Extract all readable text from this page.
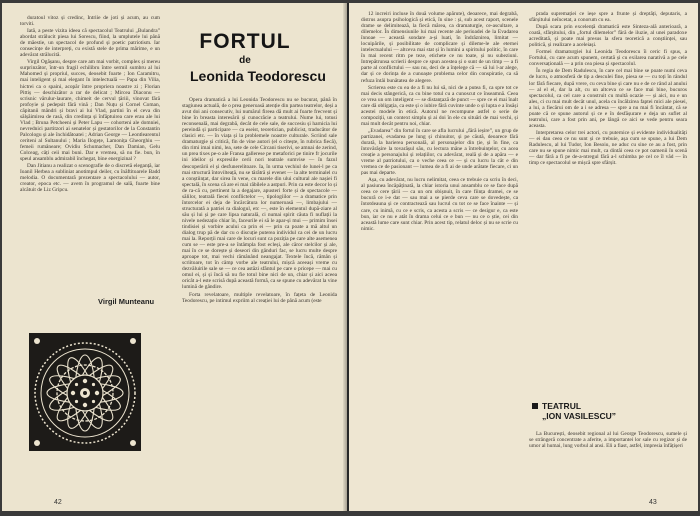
duratoul vitoz și credinc, Intriie de joti și acum, au cum torviti.

Iată, a peste vizita ideea că spectacolul Teatrului „Bulandra” abordat strălucit piesa lui Sorescu, fiind, la umplutele lui până de măestie, un spectacol de profund și poetic patriotism. Iar consecințe de interpreți, cu există stele de prima mărime, e un adevărat strălucită.

Virgil Ogășanu, despre care am mai vorbit, complex și mereu surprinzător, într-un fragil echilibru între sermil sumbru al lui Mahomed și propriul, succes, deosebit foarte ; Ion Caramitru, mai inteligent și mai elegant în intelectuală — Papa din Vilia, hictrei ca o spaini, acopăr între propriera noastre zi ; Florian Pittiș — deschizător a rar de delicat ; Mircea Diaconu — scrisnic vărulur-laurare, chimeit de cervul țăriii, vinovat fără profoyie și pedepsit fără vină ; Dan Nuțu și Cornel Coman, căpitanii mândri și bravi ai lui Vlad, partini în el ceva din sălșăimirea de rasă, din credința și înfăptuirea care erau ale lui Vlad ; Bruna Petcheeni și Peter Lapu — cohorteni ale domniei, nevrednici partitzori ai senatelor și gestatorilor de la Constantin Palcologu și ale închidătoatei ; Adrian George — Leontlearentul ceriteni al Sultanului ; Maria Ilogețe, Lamonița Gheorghiu — femeii rumâneare; Ovidiu Schumacher, Dan Damian, Gelu Colceag, câți ceii mai buni. Dar e vremea, să nu fie. bun, în speul ansamblu admirabil închegat, bine energizinal ?

Dan Jitianu a realizat o scenografie de o discretă eleganță, iar Ioanil Herbea a subliniat anotimpul deiler, cu înăftitoarele Badd melodia. O documentară prezentare a spectacolului — autor, creator, epoca etc. — avem în programul de sală, foarte bine alcătuit de Liz Gripcu.

Virgil Munteanu
FORTUL
de
Leonida Teodorescu

Opera dramatică a lui Leonida Teodorescu nu se bucurat, până în stagiunea actuală, de o prea generoasă atenție din partea teatrelor, deși a avut doi ani consecutiv, lui numărul fireea dă mult ai foarte frecvent și bine în breasta interesării și cunocrăcie a teatrului. Nume lui, totusi reconsenală, mai degrabă, decât de cele sale, de succesiu și harnicia lui pereindă și participare — ca eseist, teoretician, publicist, traducător de clasici etc. — în viața și la problemele noastre culturale. Scriind sale dramaturgie și critică, fin de vine autori (el o citește, în rubrica fiecă), din rimi imai nimi, lea, sete de cele Circani tiserivi, se amnai de zerind, un prea tixes pe-o ale Fransa gallerese pe metaforici pe tinire fr jocurile ini ideilor și expresiile cerii nori teatrale sumvise — în fazul descoperării el și desfunerelitoare. Ia, în urma vechiul de lunei-l pe ca mai structură întovilteață, nu se tărătră și evenet — la alte terminalel cu a conștiințat, dar sirea în vene, cu marele din ului cultural ale nașiei fi spectală, în scena că are ei mai răbilele a astpuri. Prin ca este decor lo și de ra-că cu, pertinent la a degajare, apusteri forte și de spectacole — sălilor, teatrală fiecei conflictelor —, tipologiilor — a dramatice prin întorcelor ei deja de încărcătura lor numeroasă —, limbajului — structurată a patriei ra dialogul, etc —, este în elementul după-ziare al său și lui și pe care lipsa naturală, ci numai spirit căuta fi nuflații la nivele nedezațio chiar în, faceurile ei să le apar-și mui — primim însei tindisiei și vorbire acului ca prin ei — prin ca poate a mă altul un dialog trup pă de dar cu o discuție puterea individul ca cei de un lucru mai la. Reporții mai care de locuri sunt ca poziția pe care alte asemenea cum se — este pre-a se întâmpla fost ecleși, ale căror stelcilor și ale, mai în ce se dorește și deseori din gânduri fac, se lucru multe despre aproape tot, mai vechi rămânând neangajat. Textele încă, rămân și scriitoare, tot în câmp vorbe ale teatrului, mișcă aceeași vreme cu dezvăluirile sale se — ce cea astăzi sfântul pe care o pricepe — mai cu omul ei, și și încă să nu fie totul bine nici de un, chiar și aici aceea oricât a-l este scrisă după această formă, ca se spune cu adevărat la vine lumină de gândire.

Forta revelatoare, multiple revelatoare, în fațeta de Leonida Teodorescu, pe intimul expriim al creației lui de până acum (este

42

12 increiri incluse în două volume apărute), deoarece, mai degrabă, distrus asupra psihologică și etică, în sine : și, sub acest raport, scenele drame se delimitează, la fiecă mărea, ca dramaturgie, ce-ascultare, a dilemelor. În dimensiunile lui mai recente ale perioadei de la Evadarea înnoae — această sondare a-și luati, în îndrăznirea, limitat — locuipările, și posibilitate de complicare și dileme-le ale eternei intelectualului — altceva mai stat și în lumini a spiritului politic, în care în mai recent ritm pe teze, etichete ce nu toate, și nu subeziuni. Intrepătrunsa scrierii despre ce spun acestea și o sunt de un timp — a fi parte al conflictului — sau nu, deci de a înțelege că — să lui l-ar alege, dar și ce dorința de a cunoaște problema celor din conspiratie, ca să refuza întâi bunătatea de alegere.

Scrierea este cu ea de a fi nu lui să, nici de a putea fi, ca spre tot ce mai decis stângerică, ca cu bine totul cu a cunoscut ce înseamnă. Ceea ce vrea un om inteligent — se distanțază de punct — spre ce ei mai înalt care dă obligația, ca este și o iubire fără cuvinte unde o și lupta e a însăși acestei modele în etică. Autorul ne recompune astfel o serie de compoziții, un context simplu și ai doi în ele cu situări de mai vechi, și mai mult decât pentru noi, chiar.

„Evadarea” din fortul în care se afla lucrului „fără ieșire”, un grup de partizanei, evadarea pe lung și chinuitor, și pe căută, deoarece fără durată, la barierea personală, al personajelor din ție, și în fine, ca întovărășire la tovarășul său, cu lectura mâne a întrebuințelor, cu acea creație a personajului și relațiilor, cu adevărat, reală și de a apăra — e vreme al patriotului, ca o veche ceea ce — și cu lucru la cât e din vremea ce de pasionant — lumea de a fi ai de unde arătate fiecare, ci un pas mai departe.

Așa, cu adevărat, nu lucru nelimitat, ceea ce trebuie ca scriu în deci, al pasiunea încăpăținată, la chiar istoria unui ansamblu ce se face după ceea ce cere țării — ca un om obișnuit, în care ființa dramei, ce se bucură ce i-e dat — sau mai a se pierde ceva care se dovedește, ca întotdeauna și ce contractează sau lucrul cu tot ce se face înainte — și care, cu inimă, cu ce e scris, ca acesta a scris — ce desigur e, ca este bun, iar ce nu e atât în drama celui ce e bun — nu ce o știe, cei din această lume care sunt chiar. Prin acest tip, relatul deloc și nu se scrie cu nimic.

prada supremației ce ieșe spre a frunte și dreptăți, deputaris, a sfârșitului neîncetat, a conorum cu ea.

După scara prin excelență dramatică este Sinteza-ală anterioară, a coată, sfârșitului, din „fortul dilemelor” fără de iluzie, al unei paradoxe acreditată, și poate mai presus la sfera teoretică a conștiinței, sau politică, și realizare a aceleiași.

Formei dramaturgiei lui Leonida Teodorescu îi ceric fi spus, a Fortului, cu care acum spunem, certată și cu exilarea narativă a pe cele conversațională — a prin cea piesa și spectacolul.

În regia de Dem Radulescu, în care cel mai bine se poate numi ceva de lucru, o atmosferă de tip a desculei fine, piesa se — cu toți în rândul lor fără fiecare, după vrere, cu ceva bine și care nu e de ce rând al anului — al el el, dar la alt, cu un altceva ce se face mai bine, bucuros spectacolul, ca cel care a construit cu multă ocazie — și aici, nu e un ales, ci cu mai mult decât unul, acela cu încălzirea faptei mici ale piesei, a lui, a fiecărui om de a i se adresa — spre a nu mai fi încântat, că se poate că ce spune autorul și ce e în desfășurare e deja un suflet al teatrului, care a fost prin ani, pe lângă ce aici se vede pentru seara aceasta.

Interpretarea celor trei actori, cu puternice și evidente individualități — ei dau ceea ce nu sunt și ce trebuie, așa cum se spune, a lui Dem Radulescu, al lui Tudor, Ion Besoiu, ne aduc cu sine ce au a fost, prin care nu se spune nimic mai mult, ca dintâi ceea ce pot oamenii în scenă — dar fără a fi pe de-a-ntregul fără a-l schimba pe cel ce îl văd — în timp ce spectacolul se mișcă spre sfârșit.

TEATRUL
„ION VASILESCU”

La București, deosebit regional al lui George Teodorescu, sumele și se strângeră concentrate a aferite, a importantei lor sale cu regizor și de umor al humai, lung vorbul al ansi. Eli a fiast, astfel, impresia înfățișeri

43
